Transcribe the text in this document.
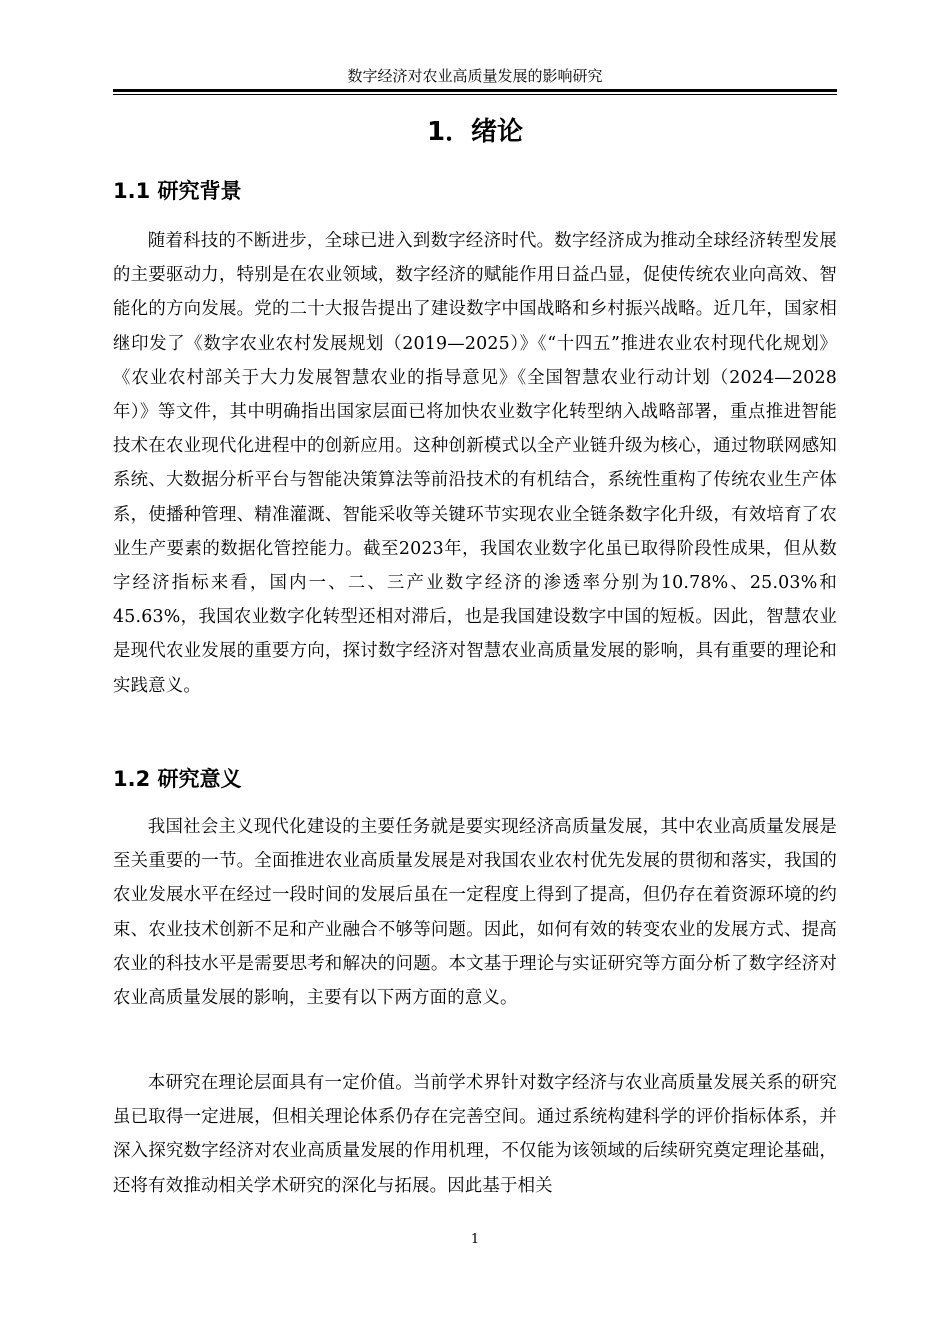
数字经济对农业高质量发展的影响研究
1．绪论
1.1 研究背景

随着科技的不断进步，全球已进入到数字经济时代。数字经济成为推动全球经济转型发展的主要驱动力，特别是在农业领域，数字经济的赋能作用日益凸显，促使传统农业向高效、智能化的方向发展。党的二十大报告提出了建设数字中国战略和乡村振兴战略。近几年，国家相继印发了《数字农业农村发展规划（2019—2025）》《“十四五”推进农业农村现代化规划》《农业农村部关于大力发展智慧农业的指导意见》《全国智慧农业行动计划（2024—2028年）》等文件，其中明确指出国家层面已将加快农业数字化转型纳入战略部署，重点推进智能技术在农业现代化进程中的创新应用。这种创新模式以全产业链升级为核心，通过物联网感知系统、大数据分析平台与智能决策算法等前沿技术的有机结合，系统性重构了传统农业生产体系，使播种管理、精准灌溉、智能采收等关键环节实现农业全链条数字化升级，有效培育了农业生产要素的数据化管控能力。截至2023年，我国农业数字化虽已取得阶段性成果，但从数字经济指标来看，国内一、二、三产业数字经济的渗透率分别为10.78%、25.03%和45.63%，我国农业数字化转型还相对滞后，也是我国建设数字中国的短板。因此，智慧农业是现代农业发展的重要方向，探讨数字经济对智慧农业高质量发展的影响，具有重要的理论和实践意义。

1.2 研究意义

我国社会主义现代化建设的主要任务就是要实现经济高质量发展，其中农业高质量发展是至关重要的一节。全面推进农业高质量发展是对我国农业农村优先发展的贯彻和落实，我国的农业发展水平在经过一段时间的发展后虽在一定程度上得到了提高，但仍存在着资源环境的约束、农业技术创新不足和产业融合不够等问题。因此，如何有效的转变农业的发展方式、提高农业的科技水平是需要思考和解决的问题。本文基于理论与实证研究等方面分析了数字经济对农业高质量发展的影响，主要有以下两方面的意义。

本研究在理论层面具有一定价值。当前学术界针对数字经济与农业高质量发展关系的研究虽已取得一定进展，但相关理论体系仍存在完善空间。通过系统构建科学的评价指标体系，并深入探究数字经济对农业高质量发展的作用机理，不仅能为该领域的后续研究奠定理论基础，还将有效推动相关学术研究的深化与拓展。因此基于相关

1
